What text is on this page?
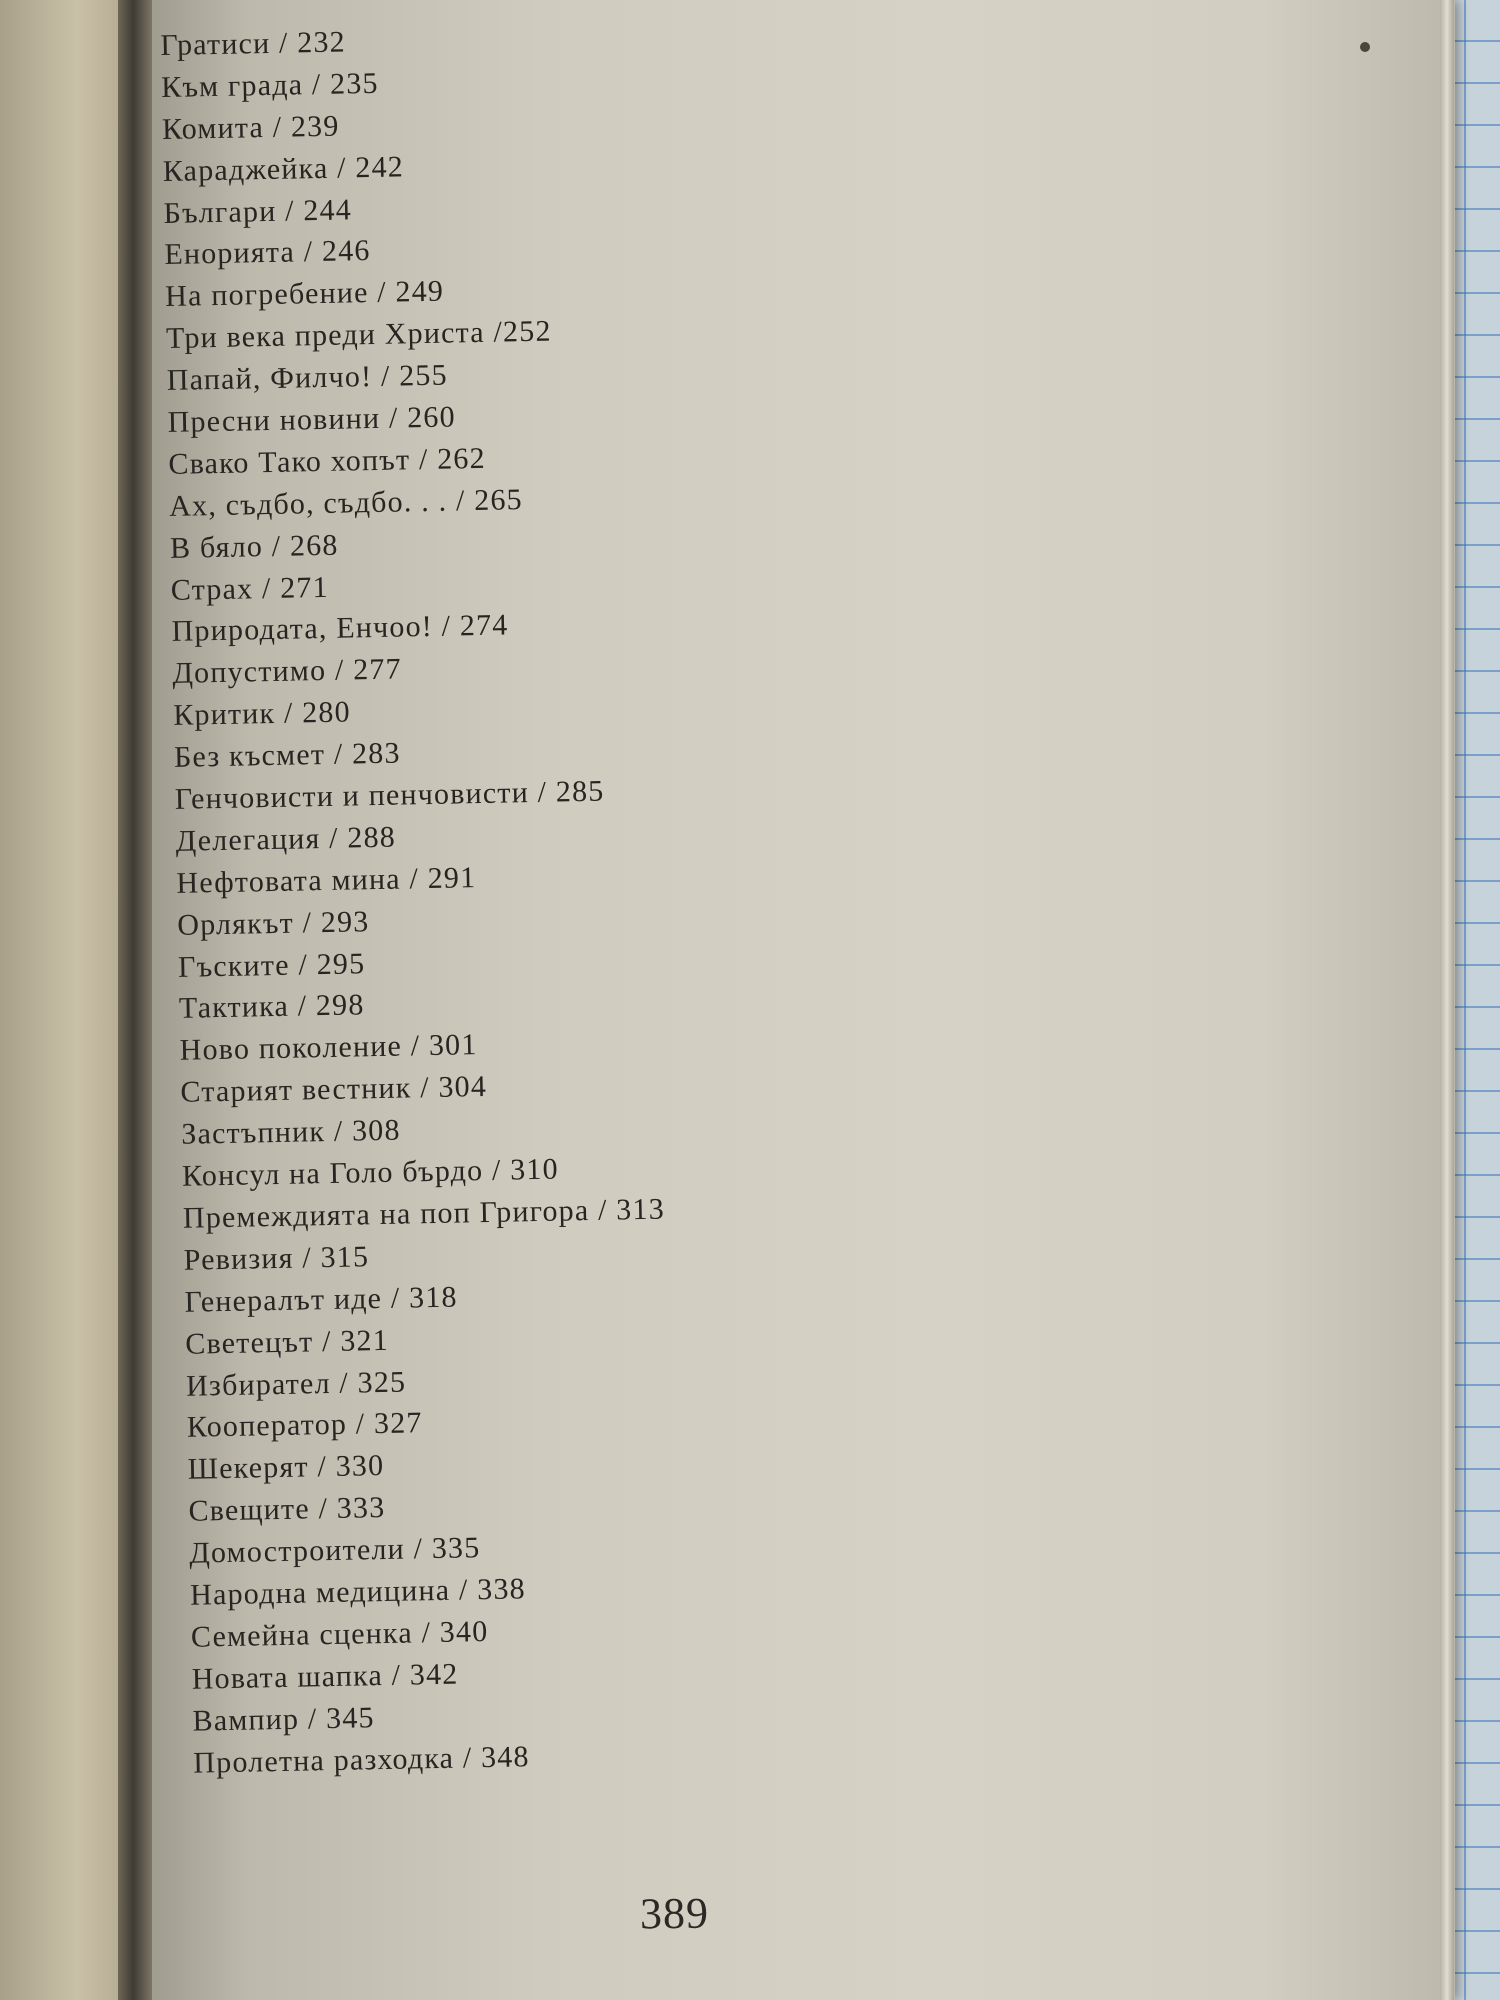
Гратиси / 232
Към града / 235
Комита / 239
Караджейка / 242
Българи / 244
Енорията / 246
На погребение / 249
Три века преди Христа /252
Папай, Филчо! / 255
Пресни новини / 260
Свако Тако хопът / 262
Ах, съдбо, съдбо. . . / 265
В бяло / 268
Страх / 271
Природата, Енчоо! / 274
Допустимо / 277
Критик / 280
Без късмет / 283
Генчовисти и пенчовисти / 285
Делегация / 288
Нефтовата мина / 291
Орлякът / 293
Гъските / 295
Тактика / 298
Ново поколение / 301
Старият вестник / 304
Застъпник / 308
Консул на Голо бърдо / 310
Премеждията на поп Григора / 313
Ревизия / 315
Генералът иде / 318
Светецът / 321
Избирател / 325
Кооператор / 327
Шекерят / 330
Свещите / 333
Домостроители / 335
Народна медицина / 338
Семейна сценка / 340
Новата шапка / 342
Вампир / 345
Пролетна разходка / 348
389
